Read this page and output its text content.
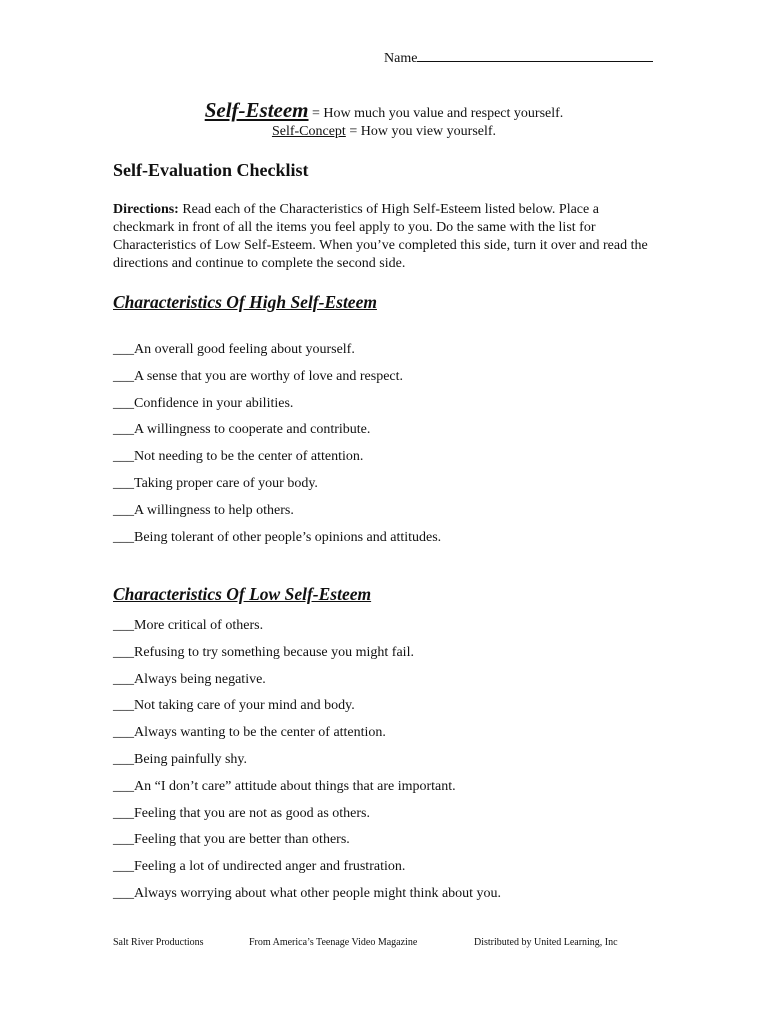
Name
Self-Esteem = How much you value and respect yourself.
Self-Concept = How you view yourself.
Self-Evaluation Checklist
Directions: Read each of the Characteristics of High Self-Esteem listed below. Place a checkmark in front of all the items you feel apply to you. Do the same with the list for Characteristics of Low Self-Esteem. When you’ve completed this side, turn it over and read the directions and continue to complete the second side.
Characteristics Of High Self-Esteem
___An overall good feeling about yourself.
___A sense that you are worthy of love and respect.
___Confidence in your abilities.
___A willingness to cooperate and contribute.
___Not needing to be the center of attention.
___Taking proper care of your body.
___A willingness to help others.
___Being tolerant of other people’s opinions and attitudes.
Characteristics Of Low Self-Esteem
___More critical of others.
___Refusing to try something because you might fail.
___Always being negative.
___Not taking care of your mind and body.
___Always wanting to be the center of attention.
___Being painfully shy.
___An “I don’t care” attitude about things that are important.
___Feeling that you are not as good as others.
___Feeling that you are better than others.
___Feeling a lot of undirected anger and frustration.
___Always worrying about what other people might think about you.
Salt River Productions	From America’s Teenage Video Magazine	Distributed by United Learning, Inc
